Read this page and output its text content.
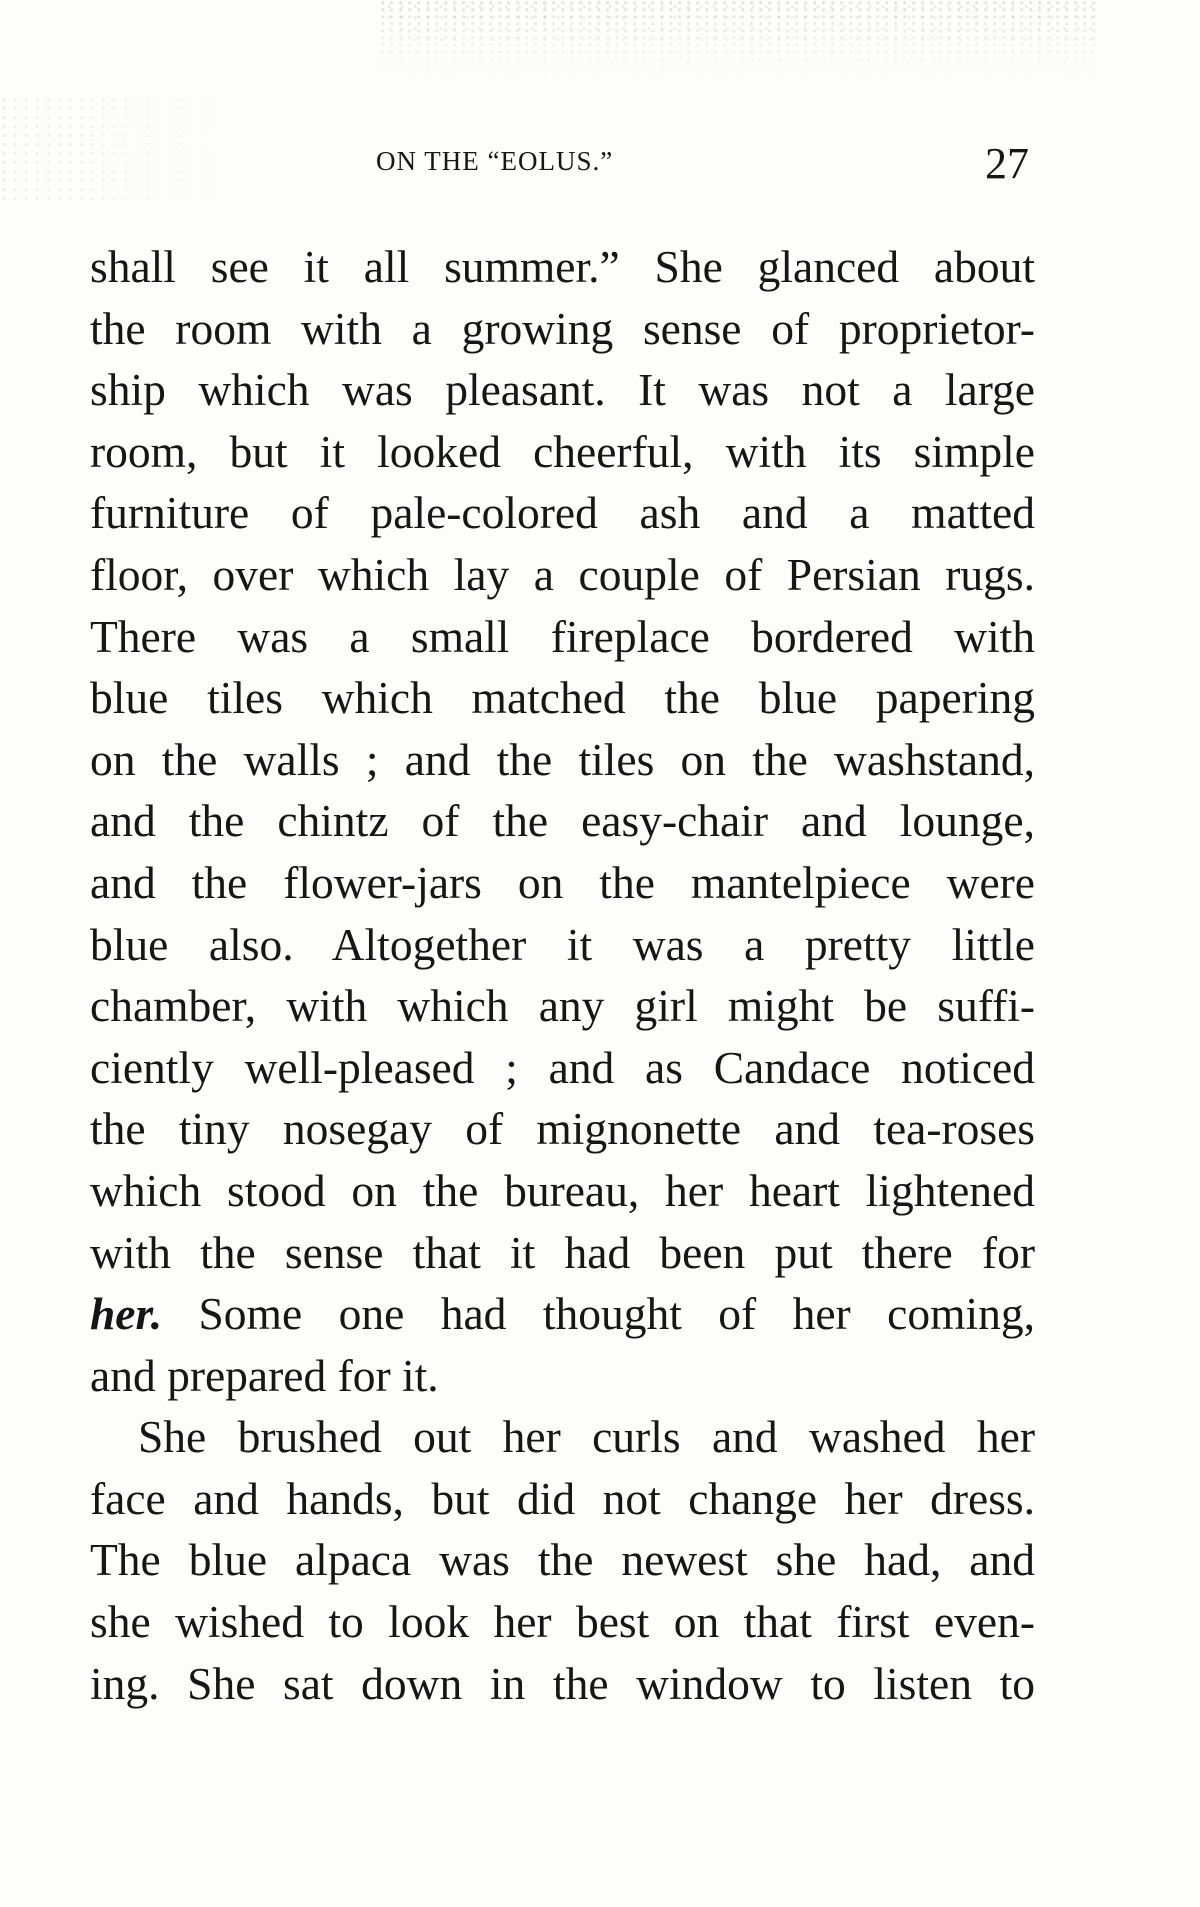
ON THE “EOLUS.”	27
shall see it all summer.” She glanced about
the room with a growing sense of proprietor-
ship which was pleasant. It was not a large
room, but it looked cheerful, with its simple
furniture of pale-colored ash and a matted
floor, over which lay a couple of Persian rugs.
There was a small fireplace bordered with
blue tiles which matched the blue papering
on the walls ; and the tiles on the washstand,
and the chintz of the easy-chair and lounge,
and the flower-jars on the mantelpiece were
blue also. Altogether it was a pretty little
chamber, with which any girl might be suffi-
ciently well-pleased ; and as Candace noticed
the tiny nosegay of mignonette and tea-roses
which stood on the bureau, her heart lightened
with the sense that it had been put there for
her. Some one had thought of her coming,
and prepared for it.
She brushed out her curls and washed her
face and hands, but did not change her dress.
The blue alpaca was the newest she had, and
she wished to look her best on that first even-
ing. She sat down in the window to listen to
